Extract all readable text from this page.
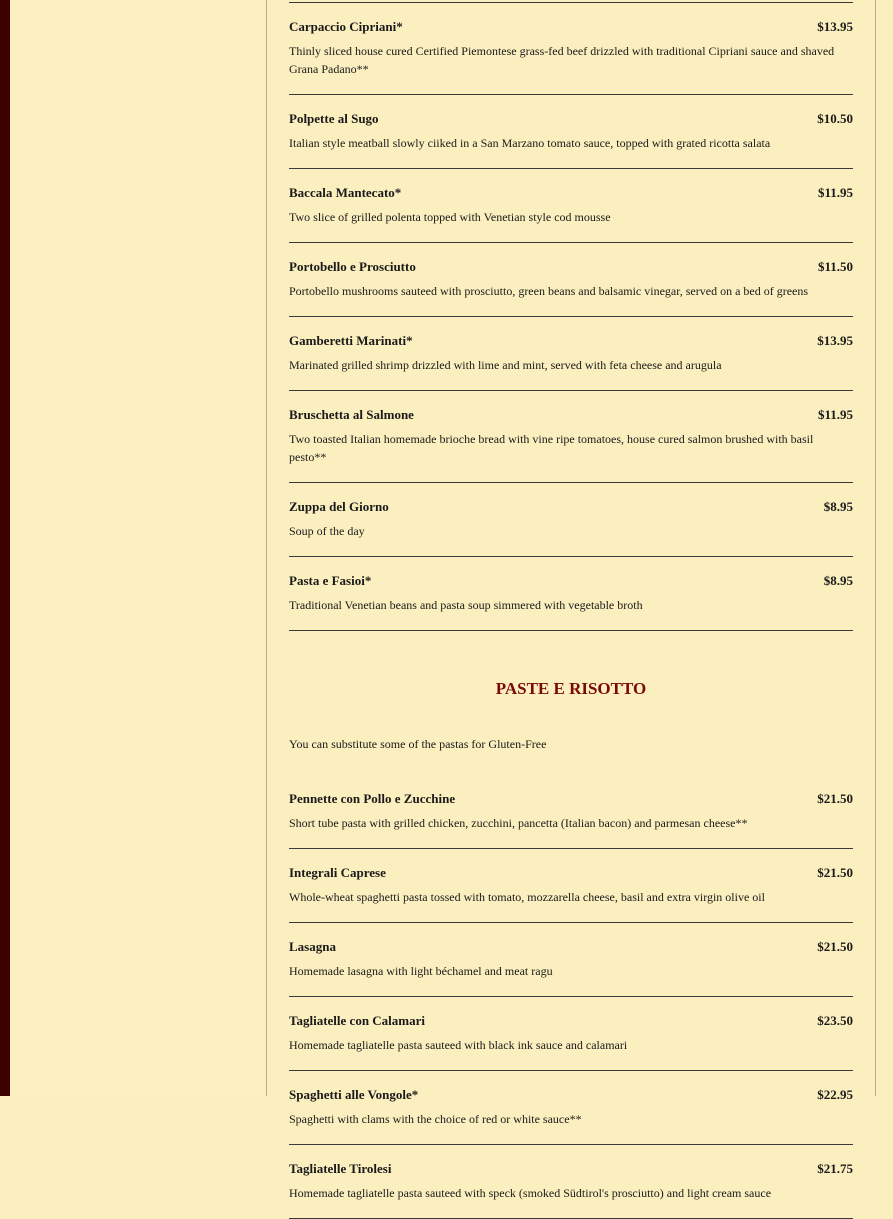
Carpaccio Cipriani*	$13.95
Thinly sliced house cured Certified Piemontese grass-fed beef drizzled with traditional Cipriani sauce and shaved Grana Padano**
Polpette al Sugo	$10.50
Italian style meatball slowly ciiked in a San Marzano tomato sauce, topped with grated ricotta salata
Baccala Mantecato*	$11.95
Two slice of grilled polenta topped with Venetian style cod mousse
Portobello e Prosciutto	$11.50
Portobello mushrooms sauteed with prosciutto, green beans and balsamic vinegar, served on a bed of greens
Gamberetti Marinati*	$13.95
Marinated grilled shrimp drizzled with lime and mint, served with feta cheese and arugula
Bruschetta al Salmone	$11.95
Two toasted Italian homemade brioche bread with vine ripe tomatoes, house cured salmon brushed with basil pesto**
Zuppa del Giorno	$8.95
Soup of the day
Pasta e Fasioi*	$8.95
Traditional Venetian beans and pasta soup simmered with vegetable broth
PASTE E RISOTTO
You can substitute some of the pastas for Gluten-Free
Pennette con Pollo e Zucchine	$21.50
Short tube pasta with grilled chicken, zucchini, pancetta (Italian bacon) and parmesan cheese**
Integrali Caprese	$21.50
Whole-wheat spaghetti pasta tossed with tomato, mozzarella cheese, basil and extra virgin olive oil
Lasagna	$21.50
Homemade lasagna with light béchamel and meat ragu
Tagliatelle con Calamari	$23.50
Homemade tagliatelle pasta sauteed with black ink sauce and calamari
Spaghetti alle Vongole*	$22.95
Spaghetti with clams with the choice of red or white sauce**
Tagliatelle Tirolesi	$21.75
Homemade tagliatelle pasta sauteed with speck (smoked Südtirol's prosciutto) and light cream sauce
